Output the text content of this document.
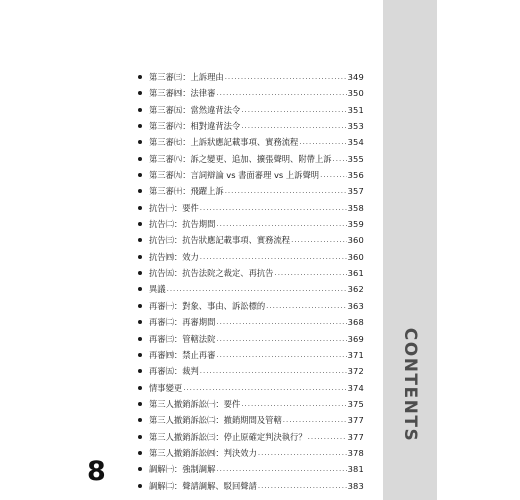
第三審㈢：上訴理由 .....	349
第三審㈣：法律審 .....	350
第三審㈤：當然違背法令 .....	351
第三審㈥：相對違背法令 .....	353
第三審㈦：上訴狀應記載事項、實務流程 .....	354
第三審㈧：訴之變更、追加、擴張聲明、附帶上訴 ..... 355
第三審㈨：言詞辯論 vs 書面審理 vs 上訴聲明 .....	356
第三審㈩：飛躍上訴 .....	357
抗告㈠：要件 .....	358
抗告㈡：抗告期間 .....	359
抗告㈢：抗告狀應記載事項、實務流程 .....	360
抗告㈣：效力 .....	360
抗告㈤：抗告法院之裁定、再抗告 .....	361
異議 .....	362
再審㈠：對象、事由、訴訟標的 .....	363
再審㈡：再審期間 .....	368
再審㈢：管轄法院 .....	369
再審㈣：禁止再審 .....	371
再審㈤：裁判 .....	372
情事變更 .....	374
第三人撤銷訴訟㈠：要件 .....	375
第三人撤銷訴訟㈡：撤銷期間及管轄 .....	377
第三人撤銷訴訟㈢：停止原確定判決執行？ .....	377
第三人撤銷訴訟㈣：判決效力 .....	378
調解㈠：強制調解 .....	381
調解㈡：聲請調解、駁回聲請 .....	383
CONTENTS
8
